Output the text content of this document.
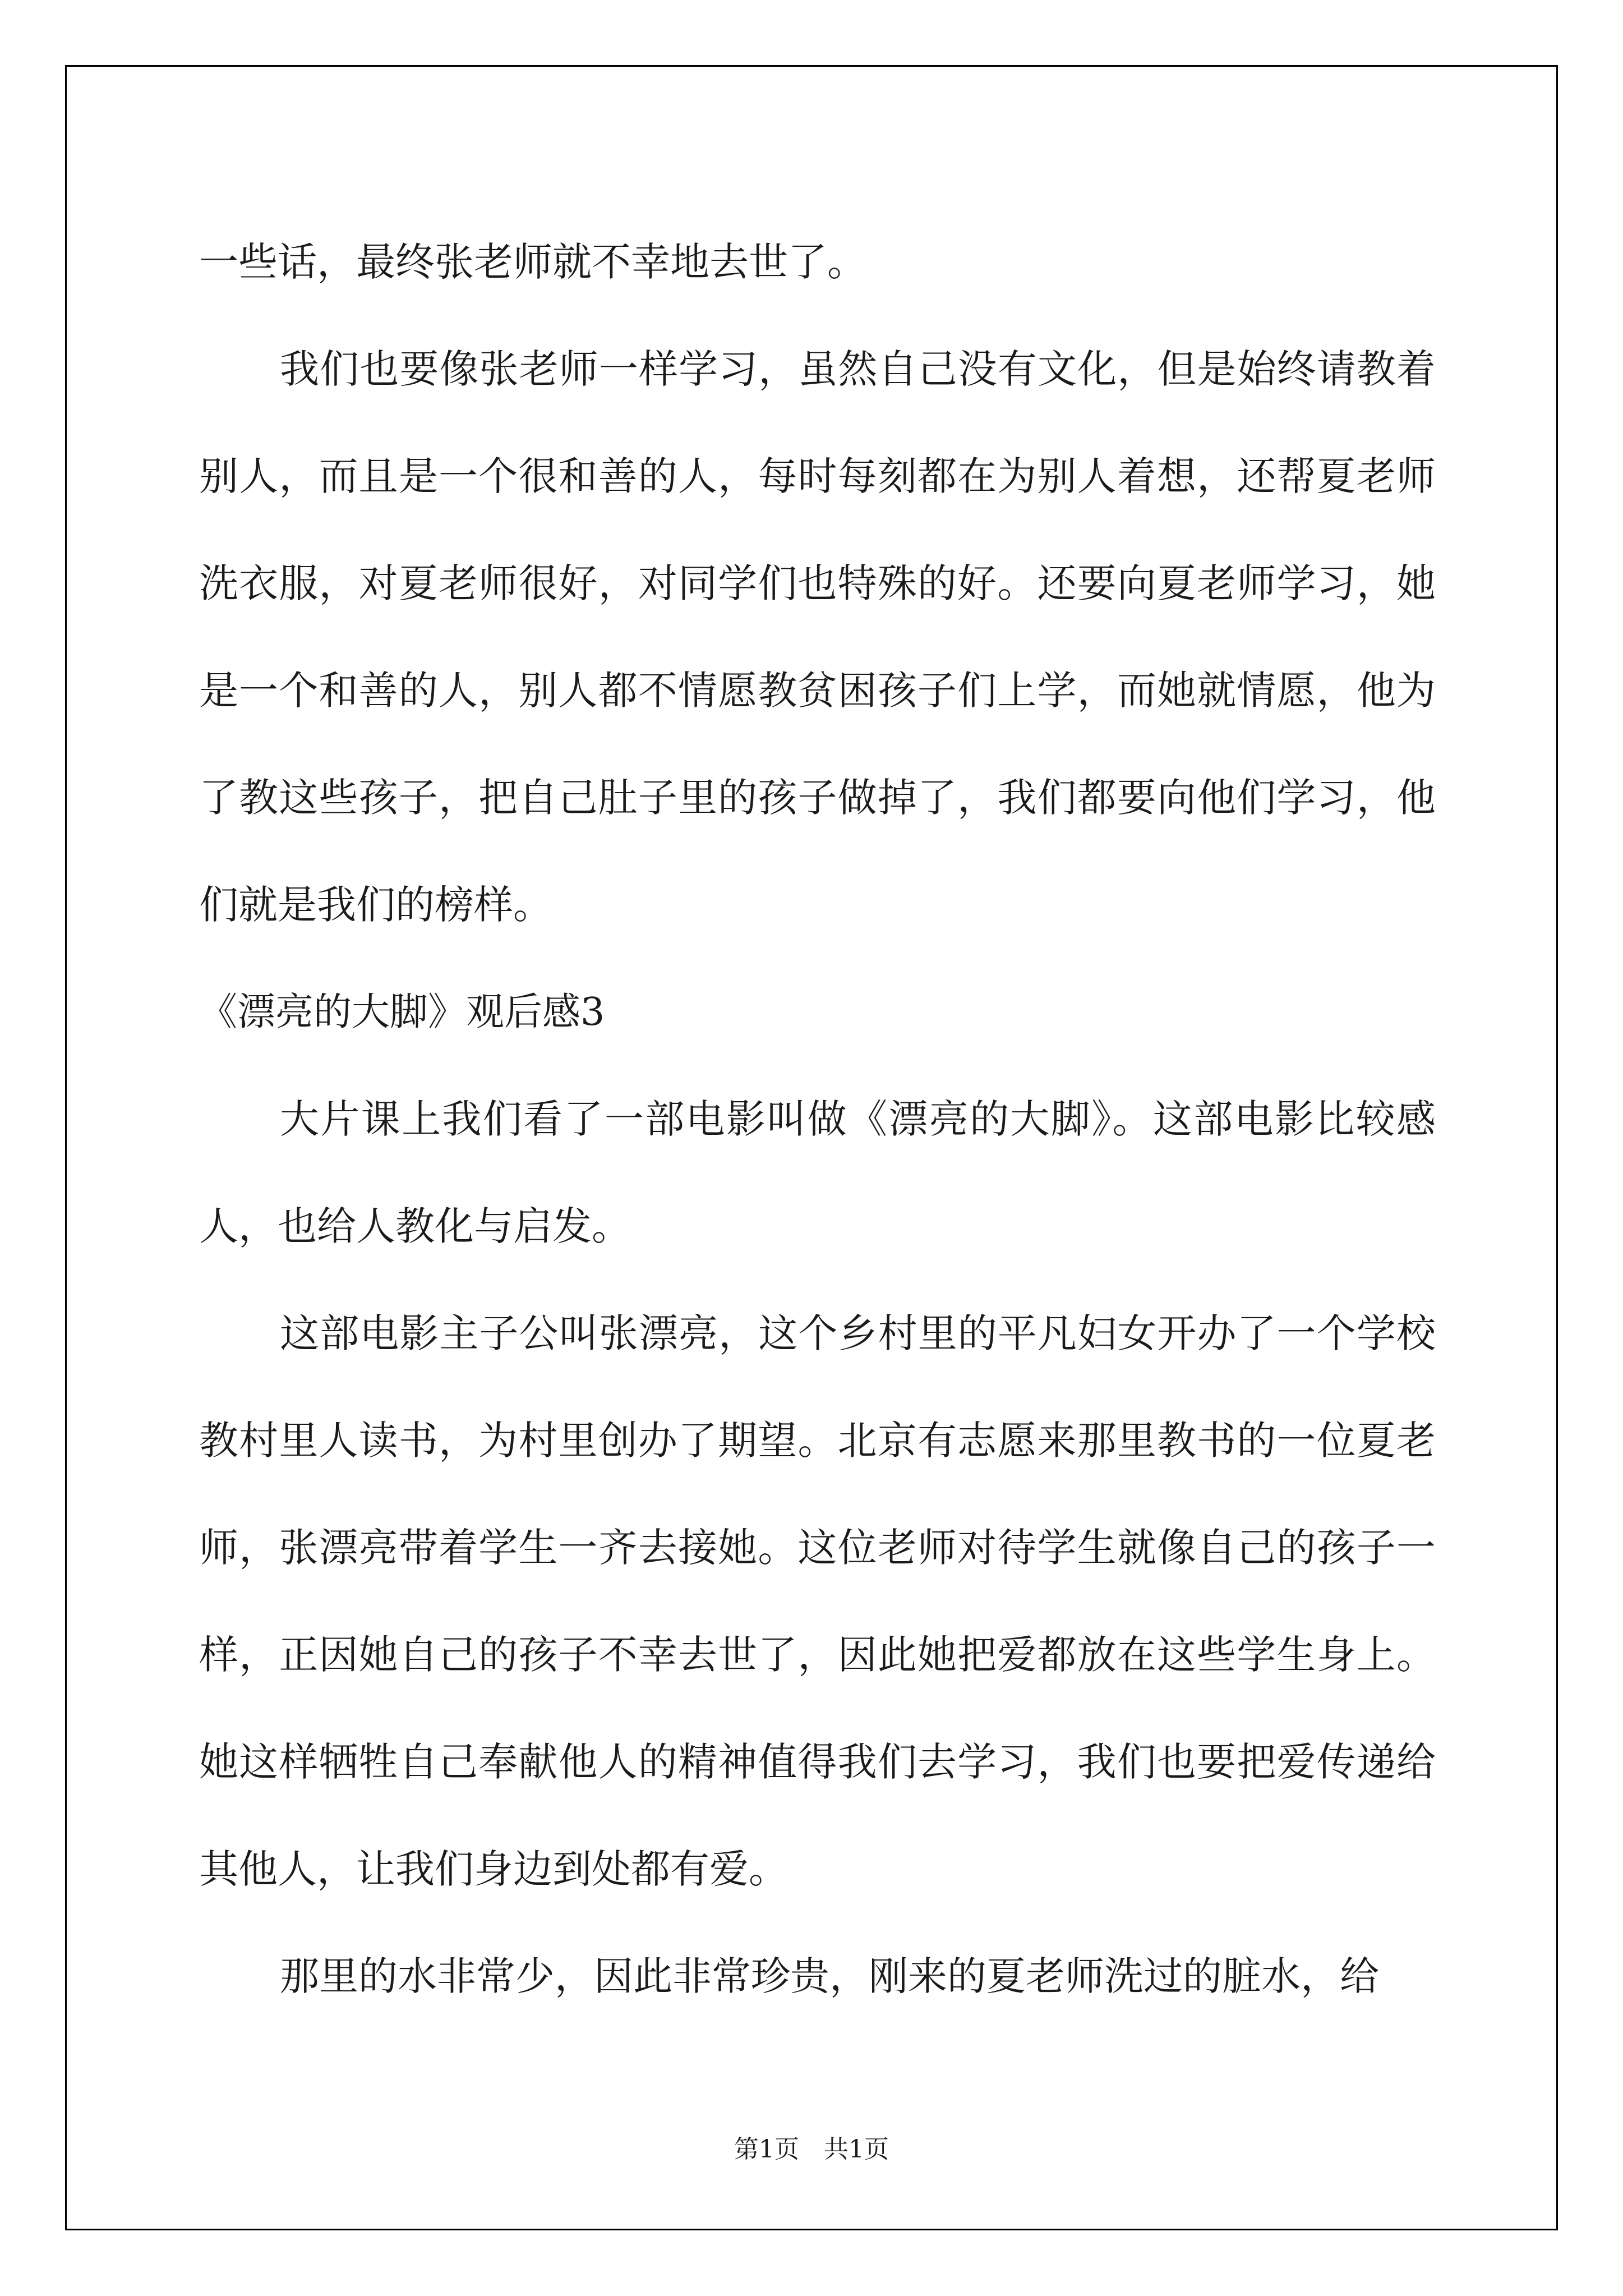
一些话，最终张老师就不幸地去世了。

我们也要像张老师一样学习，虽然自己没有文化，但是始终请教着别人，而且是一个很和善的人，每时每刻都在为别人着想，还帮夏老师洗衣服，对夏老师很好，对同学们也特殊的好。还要向夏老师学习，她是一个和善的人，别人都不情愿教贫困孩子们上学，而她就情愿，他为了教这些孩子，把自己肚子里的孩子做掉了，我们都要向他们学习，他们就是我们的榜样。

《漂亮的大脚》观后感3

大片课上我们看了一部电影叫做《漂亮的大脚》。这部电影比较感人，也给人教化与启发。

这部电影主子公叫张漂亮，这个乡村里的平凡妇女开办了一个学校教村里人读书，为村里创办了期望。北京有志愿来那里教书的一位夏老师，张漂亮带着学生一齐去接她。这位老师对待学生就像自己的孩子一样，正因她自己的孩子不幸去世了，因此她把爱都放在这些学生身上。她这样牺牲自己奉献他人的精神值得我们去学习，我们也要把爱传递给其他人，让我们身边到处都有爱。

那里的水非常少，因此非常珍贵，刚来的夏老师洗过的脏水，给

第1页　共1页
